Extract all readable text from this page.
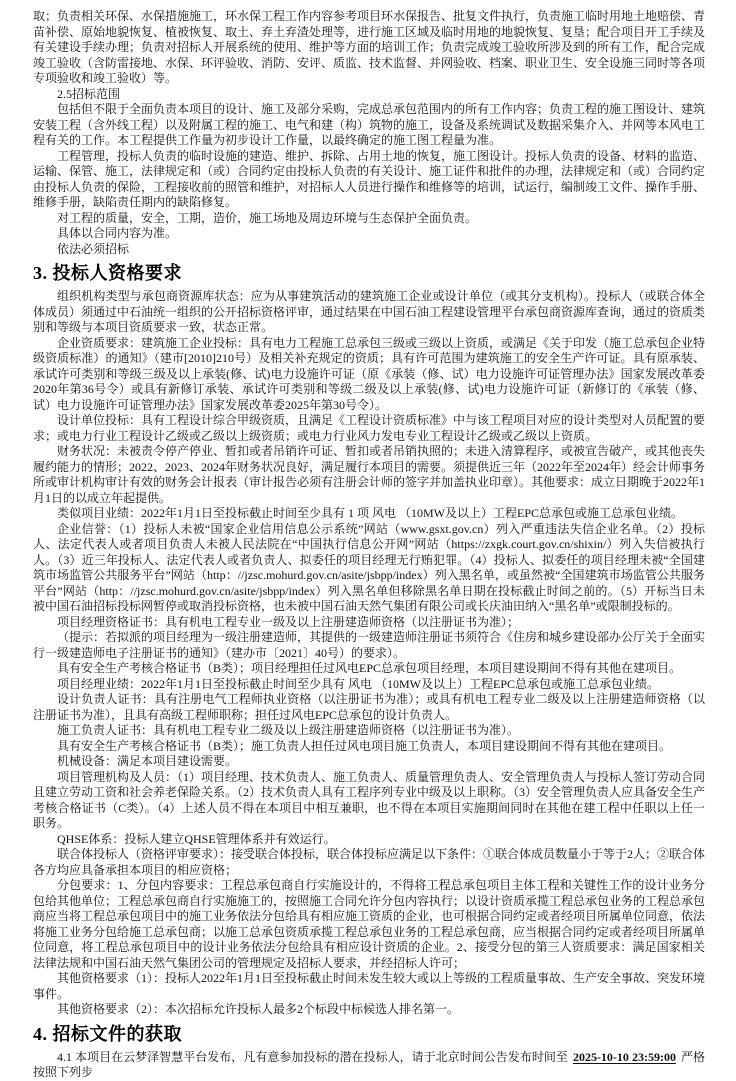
取；负责相关环保、水保措施施工，环水保工程工作内容参考项目环水保报告、批复文件执行，负责施工临时用地土地赔偿、青苗补偿、原始地貌恢复、植被恢复、取土、弃土弃渣处理等，进行施工区域及临时用地的地貌恢复、复垦；配合项目开工手续及有关建设手续办理；负责对招标人开展系统的使用、维护等方面的培训工作；负责完成竣工验收所涉及到的所有工作，配合完成竣工验收（含防雷接地、水保、环评验收、消防、安评、质监、技术监督、并网验收、档案、职业卫生、安全设施三同时等各项专项验收和竣工验收）等。

2.5招标范围

包括但不限于全面负责本项目的设计、施工及部分采购，完成总承包范围内的所有工作内容；负责工程的施工图设计、建筑安装工程（含外线工程）以及附属工程的施工、电气和建（构）筑物的施工，设备及系统调试及数据采集介入、并网等本风电工程有关的工作。本工程提供工作量为初步设计工作量，以最终确定的施工图工程量为准。

工程管理，投标人负责的临时设施的建造、维护、拆除、占用土地的恢复，施工图设计。投标人负责的设备、材料的监造、运输、保管、施工，法律规定和（或）合同约定由投标人负责的有关设计、施工证件和批件的办理，法律规定和（或）合同约定由投标人负责的保险，工程接收前的照管和维护，对招标人人员进行操作和维修等的培训，试运行，编制竣工文件、操作手册、维修手册，缺陷责任期内的缺陷修复。

对工程的质量，安全，工期，造价，施工场地及周边环境与生态保护全面负责。

具体以合同内容为准。

依法必须招标

3. 投标人资格要求

组织机构类型与承包商资源库状态：应为从事建筑活动的建筑施工企业或设计单位（或其分支机构）。投标人（或联合体全体成员）须通过中石油统一组织的公开招标资格评审，通过结果在中国石油工程建设管理平台承包商资源库查询，通过的资质类别和等级与本项目资质要求一致，状态正常。

企业资质要求：建筑施工企业投标：具有电力工程施工总承包三级或三级以上资质，或满足《关于印发（施工总承包企业特级资质标准）的通知》（建市[2010]210号）及相关补充规定的资质；具有许可范围为建筑施工的安全生产许可证。具有原承装、承试许可类别和等级三级及以上承装(修、试)电力设施许可证（原《承装（修、试）电力设施许可证管理办法》国家发展改革委2020年第36号令）或具有新修订承装、承试许可类别和等级二级及以上承装(修、试)电力设施许可证（新修订的《承装（修、试）电力设施许可证管理办法》国家发展改革委2025年第30号令）。

设计单位投标：具有工程设计综合甲级资质，且满足《工程设计资质标准》中与该工程项目对应的设计类型对人员配置的要求；或电力行业工程设计乙级或乙级以上级资质；或电力行业风力发电专业工程设计乙级或乙级以上资质。

财务状况：未被责令停产停业、暂扣或者吊销许可证、暂扣或者吊销执照的；未进入清算程序，或被宣告破产，或其他丧失履约能力的情形；2022、2023、2024年财务状况良好，满足履行本项目的需要。须提供近三年（2022年至2024年）经会计师事务所或审计机构审计有效的财务会计报表（审计报告必须有注册会计师的签字并加盖执业印章）。其他要求：成立日期晚于2022年1月1日的以成立年起提供。

类似项目业绩：2022年1月1日至投标截止时间至少具有 1 项 风电 （10MW及以上）工程EPC总承包或施工总承包业绩。

企业信誉：（1）投标人未被“国家企业信用信息公示系统”网站（www.gsxt.gov.cn）列入严重违法失信企业名单。（2）投标人、法定代表人或者项目负责人未被人民法院在“中国执行信息公开网”网站（https://zxgk.court.gov.cn/shixin/）列入失信被执行人。（3）近三年投标人、法定代表人或者负责人、拟委任的项目经理无行贿犯罪。（4）投标人、拟委任的项目经理未被“全国建筑市场监管公共服务平台”网站（http：//jzsc.mohurd.gov.cn/asite/jsbpp/index）列入黑名单，或虽然被“全国建筑市场监管公共服务平台”网站（http：//jzsc.mohurd.gov.cn/asite/jsbpp/index）列入黑名单但移除黑名单日期在投标截止时间之前的。（5）开标当日未被中国石油招标投标网暂停或取消投标资格，也未被中国石油天然气集团有限公司或长庆油田纳入“黑名单”或限制投标的。

项目经理资格证书：具有机电工程专业一级及以上注册建造师资格（以注册证书为准）；

（提示：若拟派的项目经理为一级注册建造师，其提供的一级建造师注册证书须符合《住房和城乡建设部办公厅关于全面实行一级建造师电子注册证书的通知》（建办市〔2021〕40号）的要求）。

具有安全生产考核合格证书（B类）；项目经理担任过风电EPC总承包项目经理，本项目建设期间不得有其他在建项目。

项目经理业绩：2022年1月1日至投标截止时间至少具有 风电 （10MW及以上）工程EPC总承包或施工总承包业绩。

设计负责人证书：具有注册电气工程师执业资格（以注册证书为准）；或具有机电工程专业二级及以上注册建造师资格（以注册证书为准），且具有高级工程师职称；担任过风电EPC总承包的设计负责人。

施工负责人证书：具有机电工程专业二级及以上级注册建造师资格（以注册证书为准）。

具有安全生产考核合格证书（B类）；施工负责人担任过风电项目施工负责人，本项目建设期间不得有其他在建项目。

机械设备：满足本项目建设需要。

项目管理机构及人员：（1）项目经理、技术负责人、施工负责人、质量管理负责人、安全管理负责人与投标人签订劳动合同且建立劳动工资和社会养老保险关系。（2）技术负责人具有工程序列专业中级及以上职称。（3）安全管理负责人应具备安全生产考核合格证书（C类）。（4）上述人员不得在本项目中相互兼职，也不得在本项目实施期间同时在其他在建工程中任职以上任一职务。

QHSE体系：投标人建立QHSE管理体系并有效运行。

联合体投标人（资格评审要求）：接受联合体投标，联合体投标应满足以下条件：①联合体成员数量小于等于2人；②联合体各方均应具备承担本项目的相应资格；

分包要求：1、分包内容要求：工程总承包商自行实施设计的，不得将工程总承包项目主体工程和关键性工作的设计业务分包给其他单位；工程总承包商自行实施施工的，按照施工合同允许分包内容执行；以设计资质承揽工程总承包业务的工程总承包商应当将工程总承包项目中的施工业务依法分包给具有相应施工资质的企业，也可根据合同约定或者经项目所属单位同意，依法将施工业务分包给施工总承包商；以施工总承包资质承揽工程总承包业务的工程总承包商，应当根据合同约定或者经项目所属单位同意，将工程总承包项目中的设计业务依法分包给具有相应设计资质的企业。2、接受分包的第三人资质要求：满足国家相关法律法规和中国石油天然气集团公司的管理规定及招标人要求，并经招标人许可；

其他资格要求（1）：投标人2022年1月1日至投标截止时间未发生较大或以上等级的工程质量事故、生产安全事故、突发环境事件。

其他资格要求（2）：本次招标允许投标人最多2个标段中标候选人排名第一。

4. 招标文件的获取

4.1 本项目在云梦泽智慧平台发布，凡有意参加投标的潜在投标人，请于北京时间公告发布时间至 2025-10-10 23:59:00 严格按照下列步
